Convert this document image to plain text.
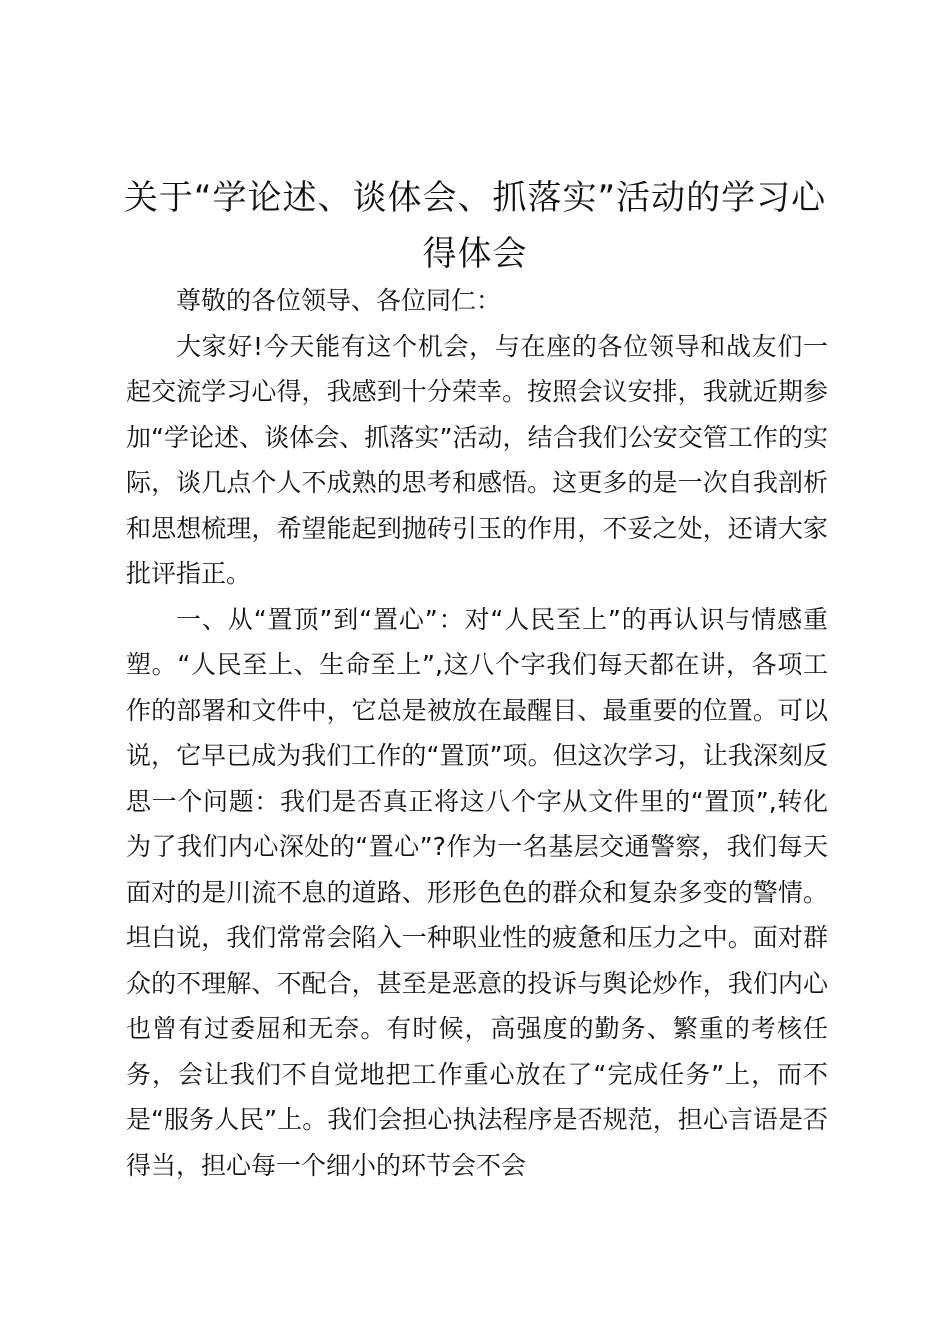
关于“学论述、谈体会、抓落实”活动的学习心得体会

尊敬的各位领导、各位同仁：

大家好!今天能有这个机会，与在座的各位领导和战友们一起交流学习心得，我感到十分荣幸。按照会议安排，我就近期参加“学论述、谈体会、抓落实”活动，结合我们公安交管工作的实际，谈几点个人不成熟的思考和感悟。这更多的是一次自我剖析和思想梳理，希望能起到抛砖引玉的作用，不妥之处，还请大家批评指正。

一、从“置顶”到“置心”：对“人民至上”的再认识与情感重塑。“人民至上、生命至上”,这八个字我们每天都在讲，各项工作的部署和文件中，它总是被放在最醒目、最重要的位置。可以说，它早已成为我们工作的“置顶”项。但这次学习，让我深刻反思一个问题：我们是否真正将这八个字从文件里的“置顶”,转化为了我们内心深处的“置心”?作为一名基层交通警察，我们每天面对的是川流不息的道路、形形色色的群众和复杂多变的警情。坦白说，我们常常会陷入一种职业性的疲惫和压力之中。面对群众的不理解、不配合，甚至是恶意的投诉与舆论炒作，我们内心也曾有过委屈和无奈。有时候，高强度的勤务、繁重的考核任务，会让我们不自觉地把工作重心放在了“完成任务”上，而不是“服务人民”上。我们会担心执法程序是否规范，担心言语是否得当，担心每一个细小的环节会不会
